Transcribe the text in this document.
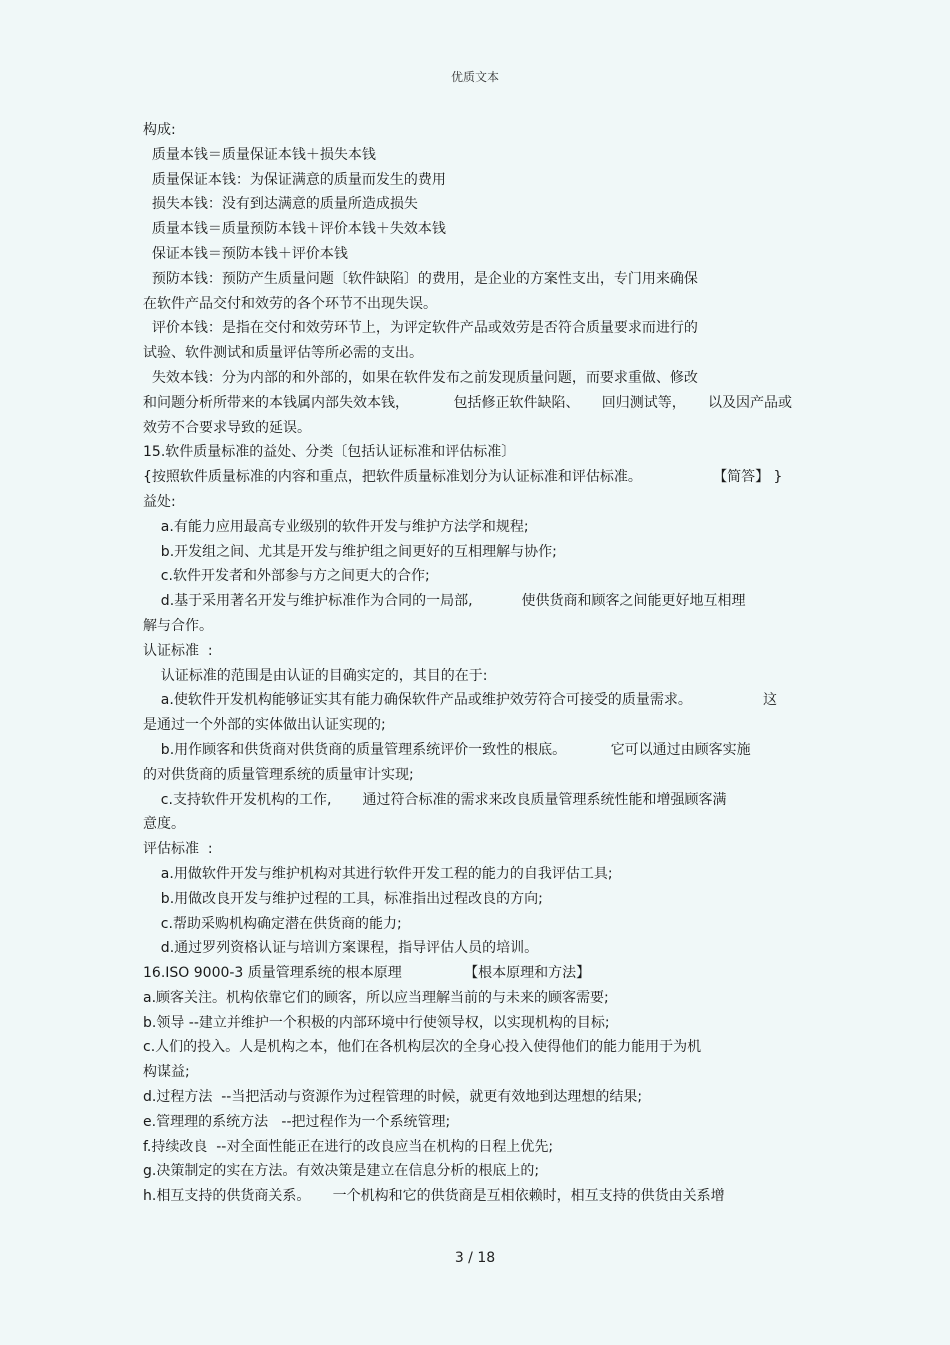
优质文本
构成:
质量本钱＝质量保证本钱＋损失本钱
质量保证本钱：为保证满意的质量而发生的费用
损失本钱：没有到达满意的质量所造成损失
质量本钱＝质量预防本钱＋评价本钱＋失效本钱
保证本钱＝预防本钱＋评价本钱
预防本钱：预防产生质量问题〔软件缺陷〕的费用，是企业的方案性支出，专门用来确保
在软件产品交付和效劳的各个环节不出现失误。
评价本钱：是指在交付和效劳环节上，为评定软件产品或效劳是否符合质量要求而进行的
试验、软件测试和质量评估等所必需的支出。
失效本钱：分为内部的和外部的，如果在软件发布之前发现质量问题，而要求重做、修改
和问题分析所带来的本钱属内部失效本钱，          包括修正软件缺陷、     回归测试等，     以及因产品或
效劳不合要求导致的延误。
15.软件质量标准的益处、分类〔包括认证标准和评估标准〕
{按照软件质量标准的内容和重点，把软件质量标准划分为认证标准和评估标准。                【简答】 }
益处:
a.有能力应用最高专业级别的软件开发与维护方法学和规程;
b.开发组之间、尤其是开发与维护组之间更好的互相理解与协作;
c.软件开发者和外部参与方之间更大的合作;
d.基于采用著名开发与维护标准作为合同的一局部,           使供货商和顾客之间能更好地互相理
解与合作。
认证标准  :
认证标准的范围是由认证的目确实定的，其目的在于:
a.使软件开发机构能够证实其有能力确保软件产品或维护效劳符合可接受的质量需求。                这
是通过一个外部的实体做出认证实现的;
b.用作顾客和供货商对供货商的质量管理系统评价一致性的根底。          它可以通过由顾客实施
的对供货商的质量管理系统的质量审计实现;
c.支持软件开发机构的工作,       通过符合标准的需求来改良质量管理系统性能和增强顾客满
意度。
评估标准  :
a.用做软件开发与维护机构对其进行软件开发工程的能力的自我评估工具;
b.用做改良开发与维护过程的工具，标准指出过程改良的方向;
c.帮助采购机构确定潜在供货商的能力;
d.通过罗列资格认证与培训方案课程，指导评估人员的培训。
16.ISO 9000-3 质量管理系统的根本原理              【根本原理和方法】
a.顾客关注。机构依靠它们的顾客，所以应当理解当前的与未来的顾客需要;
b.领导 --建立并维护一个积极的内部环境中行使领导权，以实现机构的目标;
c.人们的投入。人是机构之本，他们在各机构层次的全身心投入使得他们的能力能用于为机
构谋益;
d.过程方法  --当把活动与资源作为过程管理的时候，就更有效地到达理想的结果;
e.管理理的系统方法   --把过程作为一个系统管理;
f.持续改良  --对全面性能正在进行的改良应当在机构的日程上优先;
g.决策制定的实在方法。有效决策是建立在信息分析的根底上的;
h.相互支持的供货商关系。     一个机构和它的供货商是互相依赖时，相互支持的供货由关系增
3 / 18
